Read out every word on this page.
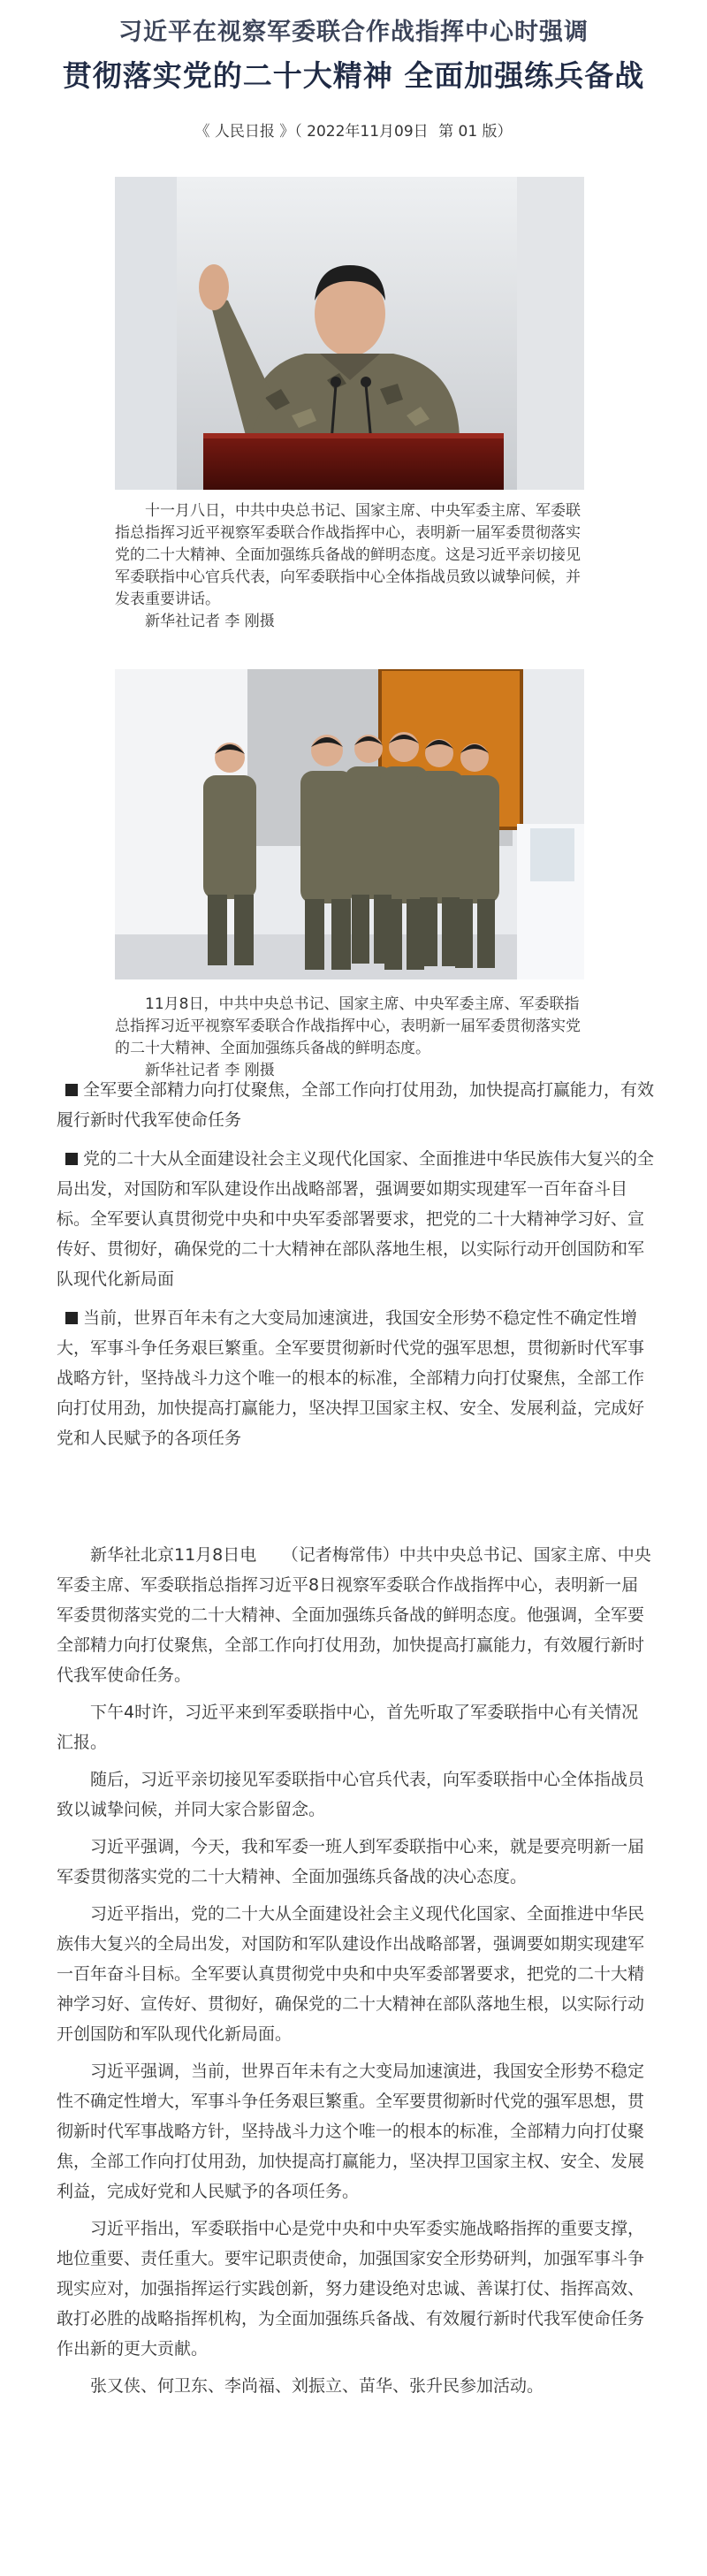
习近平在视察军委联合作战指挥中心时强调
贯彻落实党的二十大精神 全面加强练兵备战
《 人民日报 》（ 2022年11月09日 第 01 版）

十一月八日，中共中央总书记、国家主席、中央军委主席、军委联指总指挥习近平视察军委联合作战指挥中心，表明新一届军委贯彻落实党的二十大精神、全面加强练兵备战的鲜明态度。这是习近平亲切接见军委联指中心官兵代表，向军委联指中心全体指战员致以诚挚问候，并发表重要讲话。

新华社记者 李 刚摄

11月8日，中共中央总书记、国家主席、中央军委主席、军委联指总指挥习近平视察军委联合作战指挥中心，表明新一届军委贯彻落实党的二十大精神、全面加强练兵备战的鲜明态度。

新华社记者 李 刚摄

全军要全部精力向打仗聚焦，全部工作向打仗用劲，加快提高打赢能力，有效履行新时代我军使命任务

党的二十大从全面建设社会主义现代化国家、全面推进中华民族伟大复兴的全局出发，对国防和军队建设作出战略部署，强调要如期实现建军一百年奋斗目标。全军要认真贯彻党中央和中央军委部署要求，把党的二十大精神学习好、宣传好、贯彻好，确保党的二十大精神在部队落地生根，以实际行动开创国防和军队现代化新局面

当前，世界百年未有之大变局加速演进，我国安全形势不稳定性不确定性增大，军事斗争任务艰巨繁重。全军要贯彻新时代党的强军思想，贯彻新时代军事战略方针，坚持战斗力这个唯一的根本的标准，全部精力向打仗聚焦，全部工作向打仗用劲，加快提高打赢能力，坚决捍卫国家主权、安全、发展利益，完成好党和人民赋予的各项任务

新华社北京11月8日电　　（记者梅常伟）中共中央总书记、国家主席、中央军委主席、军委联指总指挥习近平8日视察军委联合作战指挥中心，表明新一届军委贯彻落实党的二十大精神、全面加强练兵备战的鲜明态度。他强调，全军要全部精力向打仗聚焦，全部工作向打仗用劲，加快提高打赢能力，有效履行新时代我军使命任务。

下午4时许，习近平来到军委联指中心，首先听取了军委联指中心有关情况汇报。

随后，习近平亲切接见军委联指中心官兵代表，向军委联指中心全体指战员致以诚挚问候，并同大家合影留念。

习近平强调，今天，我和军委一班人到军委联指中心来，就是要亮明新一届军委贯彻落实党的二十大精神、全面加强练兵备战的决心态度。

习近平指出，党的二十大从全面建设社会主义现代化国家、全面推进中华民族伟大复兴的全局出发，对国防和军队建设作出战略部署，强调要如期实现建军一百年奋斗目标。全军要认真贯彻党中央和中央军委部署要求，把党的二十大精神学习好、宣传好、贯彻好，确保党的二十大精神在部队落地生根，以实际行动开创国防和军队现代化新局面。

习近平强调，当前，世界百年未有之大变局加速演进，我国安全形势不稳定性不确定性增大，军事斗争任务艰巨繁重。全军要贯彻新时代党的强军思想，贯彻新时代军事战略方针，坚持战斗力这个唯一的根本的标准，全部精力向打仗聚焦，全部工作向打仗用劲，加快提高打赢能力，坚决捍卫国家主权、安全、发展利益，完成好党和人民赋予的各项任务。

习近平指出，军委联指中心是党中央和中央军委实施战略指挥的重要支撑，地位重要、责任重大。要牢记职责使命，加强国家安全形势研判，加强军事斗争现实应对，加强指挥运行实践创新，努力建设绝对忠诚、善谋打仗、指挥高效、敢打必胜的战略指挥机构，为全面加强练兵备战、有效履行新时代我军使命任务作出新的更大贡献。

张又侠、何卫东、李尚福、刘振立、苗华、张升民参加活动。
